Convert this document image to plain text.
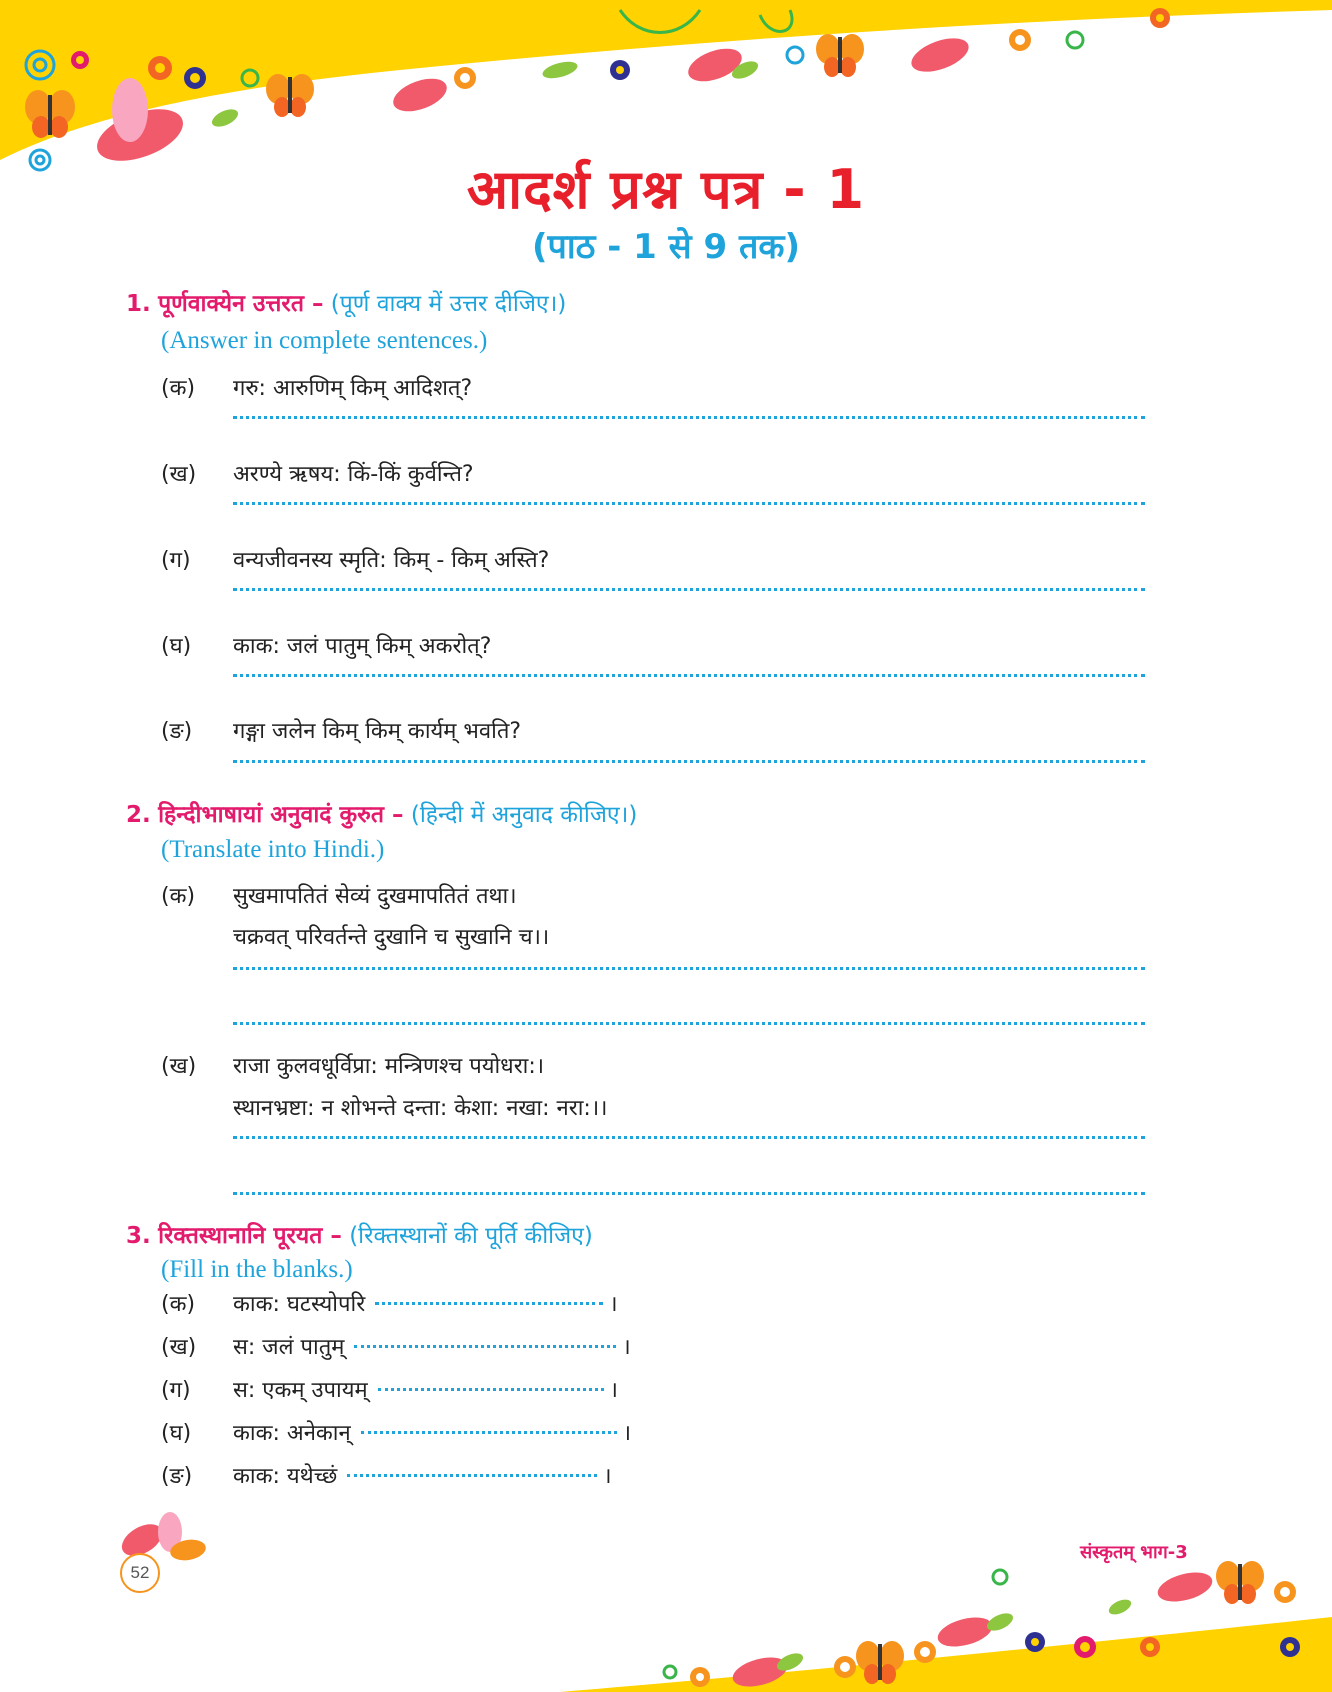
आदर्श प्रश्न पत्र - 1
(पाठ - 1 से 9 तक)
1. पूर्णवाक्येन उत्तरत – (पूर्ण वाक्य में उत्तर दीजिए।)
(Answer in complete sentences.)
(क) गरु: आरुणिम् किम् आदिशत्?
(ख) अरण्ये ऋषय: किं-किं कुर्वन्ति?
(ग) वन्यजीवनस्य स्मृति: किम् - किम् अस्ति?
(घ) काक: जलं पातुम् किम् अकरोत्?
(ङ) गङ्गा जलेन किम् किम् कार्यम् भवति?
2. हिन्दीभाषायां अनुवादं कुरुत – (हिन्दी में अनुवाद कीजिए।)
(Translate into Hindi.)
(क) सुखमापतितं सेव्यं दुखमापतितं तथा।
चक्रवत् परिवर्तन्ते दुखानि च सुखानि च।।
(ख) राजा कुलवधूर्विप्रा: मन्त्रिणश्च पयोधरा:।
स्थानभ्रष्टा: न शोभन्ते दन्ता: केशा: नखा: नरा:।।
3. रिक्तस्थानानि पूरयत – (रिक्तस्थानों की पूर्ति कीजिए)
(Fill in the blanks.)
(क) काक: घटस्योपरि	।
(ख) स: जलं पातुम्	।
(ग) स: एकम् उपायम्	।
(घ) काक: अनेकान्	।
(ङ) काक: यथेच्छं	।
52
संस्कृतम् भाग-3
